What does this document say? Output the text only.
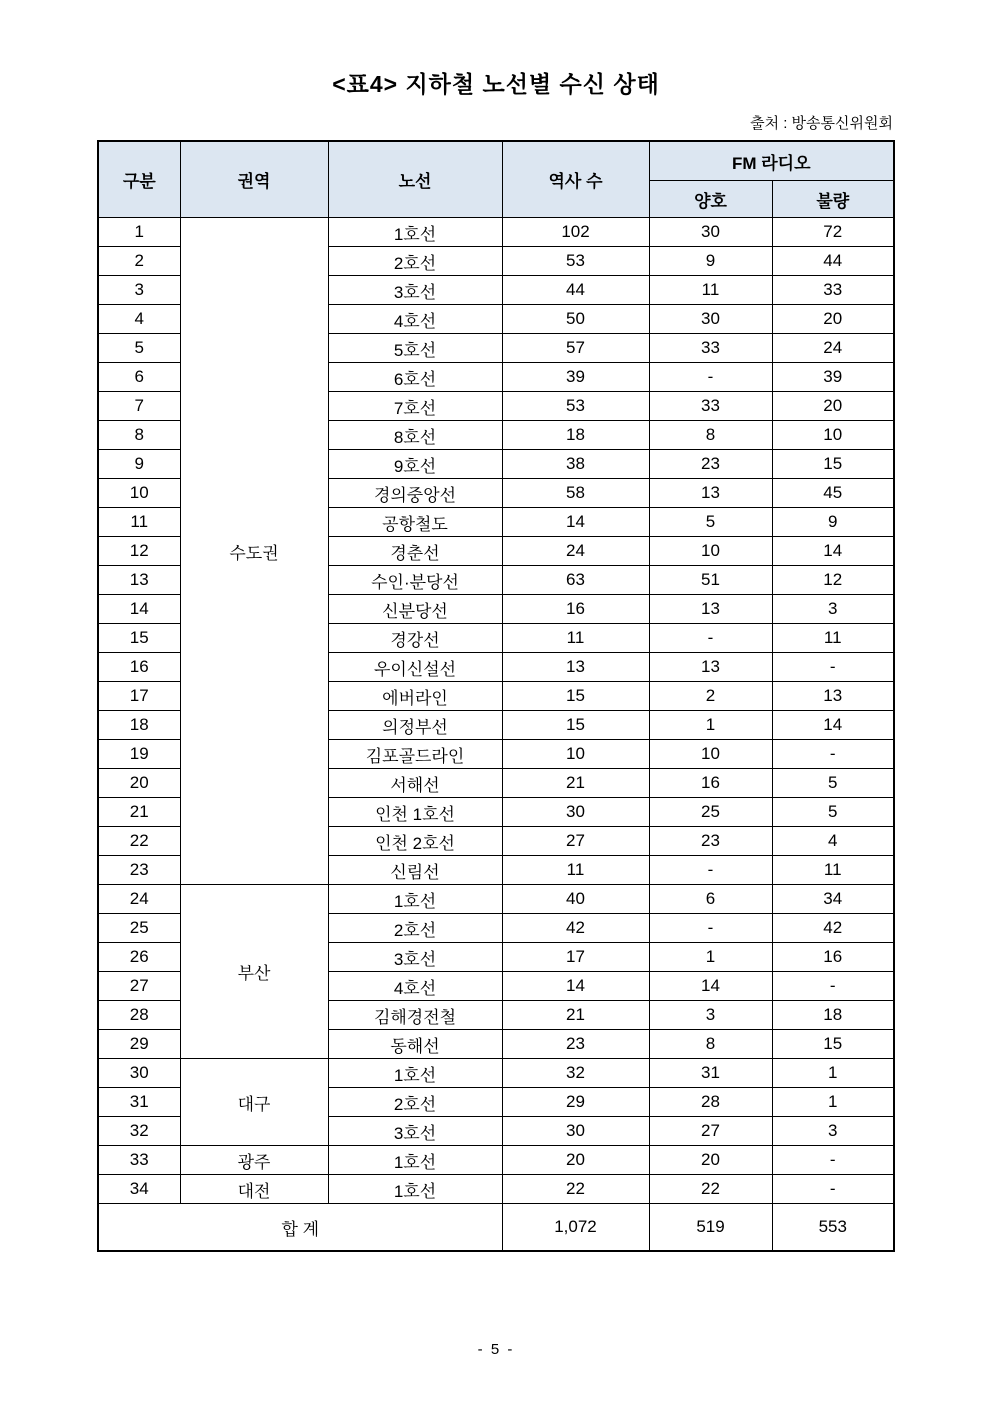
<표4> 지하철 노선별 수신 상태
출처 : 방송통신위원회
구분	권역	노선	역사 수	FM 라디오	
				양호	불량
1	수도권	1호선	102	30	72
2		2호선	53	9	44
3		3호선	44	11	33
4		4호선	50	30	20
5		5호선	57	33	24
6		6호선	39	-	39
7		7호선	53	33	20
8		8호선	18	8	10
9		9호선	38	23	15
10		경의중앙선	58	13	45
11		공항철도	14	5	9
12		경춘선	24	10	14
13		수인·분당선	63	51	12
14		신분당선	16	13	3
15		경강선	11	-	11
16		우이신설선	13	13	-
17		에버라인	15	2	13
18		의정부선	15	1	14
19		김포골드라인	10	10	-
20		서해선	21	16	5
21		인천 1호선	30	25	5
22		인천 2호선	27	23	4
23		신림선	11	-	11
24	부산	1호선	40	6	34
25		2호선	42	-	42
26		3호선	17	1	16
27		4호선	14	14	-
28		김해경전철	21	3	18
29		동해선	23	8	15
30	대구	1호선	32	31	1
31		2호선	29	28	1
32		3호선	30	27	3
33	광주	1호선	20	20	-
34	대전	1호선	22	22	-
합 계			1,072	519	553
- 5 -
